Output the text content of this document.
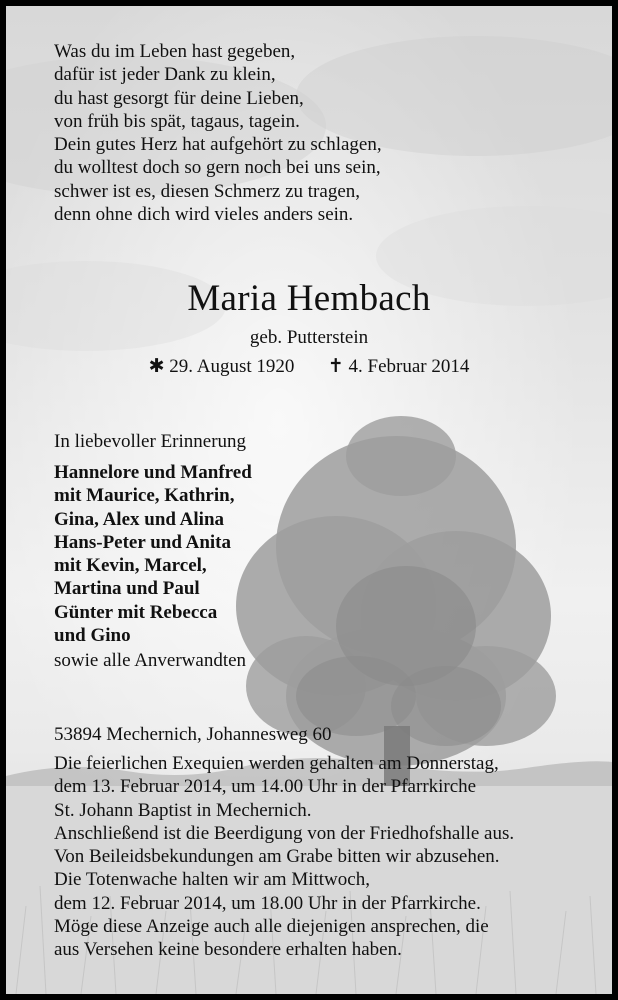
Was du im Leben hast gegeben,
dafür ist jeder Dank zu klein,
du hast gesorgt für deine Lieben,
von früh bis spät, tagaus, tagein.
Dein gutes Herz hat aufgehört zu schlagen,
du wolltest doch so gern noch bei uns sein,
schwer ist es, diesen Schmerz zu tragen,
denn ohne dich wird vieles anders sein.
Maria Hembach
geb. Putterstein
✱ 29. August 1920 ✝ 4. Februar 2014
In liebevoller Erinnerung
Hannelore und Manfred
mit Maurice, Kathrin,
Gina, Alex und Alina
Hans-Peter und Anita
mit Kevin, Marcel,
Martina und Paul
Günter mit Rebecca
und Gino
sowie alle Anverwandten
53894 Mechernich, Johannesweg 60
Die feierlichen Exequien werden gehalten am Donnerstag,
dem 13. Februar 2014, um 14.00 Uhr in der Pfarrkirche
St. Johann Baptist in Mechernich.
Anschließend ist die Beerdigung von der Friedhofshalle aus.
Von Beileidsbekundungen am Grabe bitten wir abzusehen.
Die Totenwache halten wir am Mittwoch,
dem 12. Februar 2014, um 18.00 Uhr in der Pfarrkirche.
Möge diese Anzeige auch alle diejenigen ansprechen, die
aus Versehen keine besondere erhalten haben.
